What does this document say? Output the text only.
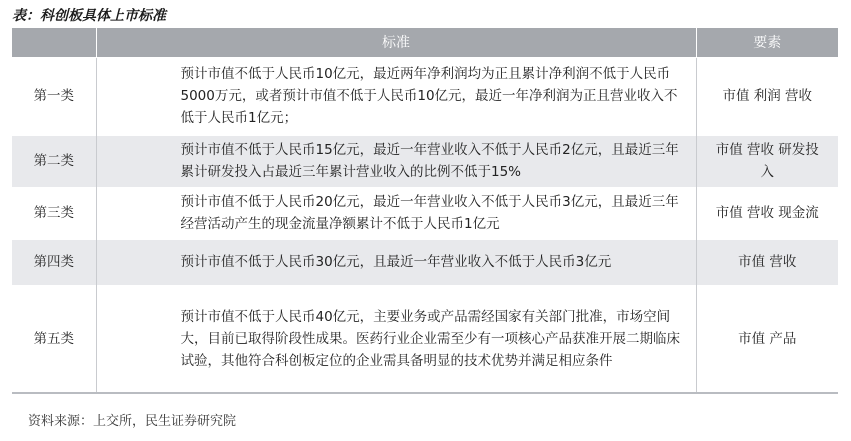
表：科创板具体上市标准
	标准	要素
第一类	预计市值不低于人民币10亿元，最近两年净利润均为正且累计净利润不低于人民币5000万元，或者预计市值不低于人民币10亿元，最近一年净利润为正且营业收入不低于人民币1亿元；	市值 利润 营收
第二类	预计市值不低于人民币15亿元，最近一年营业收入不低于人民币2亿元，且最近三年累计研发投入占最近三年累计营业收入的比例不低于15%	市值 营收 研发投入
第三类	预计市值不低于人民币20亿元，最近一年营业收入不低于人民币3亿元，且最近三年经营活动产生的现金流量净额累计不低于人民币1亿元	市值 营收 现金流
第四类	预计市值不低于人民币30亿元，且最近一年营业收入不低于人民币3亿元	市值 营收
第五类	预计市值不低于人民币40亿元，主要业务或产品需经国家有关部门批准，市场空间大，目前已取得阶段性成果。医药行业企业需至少有一项核心产品获准开展二期临床试验，其他符合科创板定位的企业需具备明显的技术优势并满足相应条件	市值 产品
资料来源：上交所，民生证券研究院
